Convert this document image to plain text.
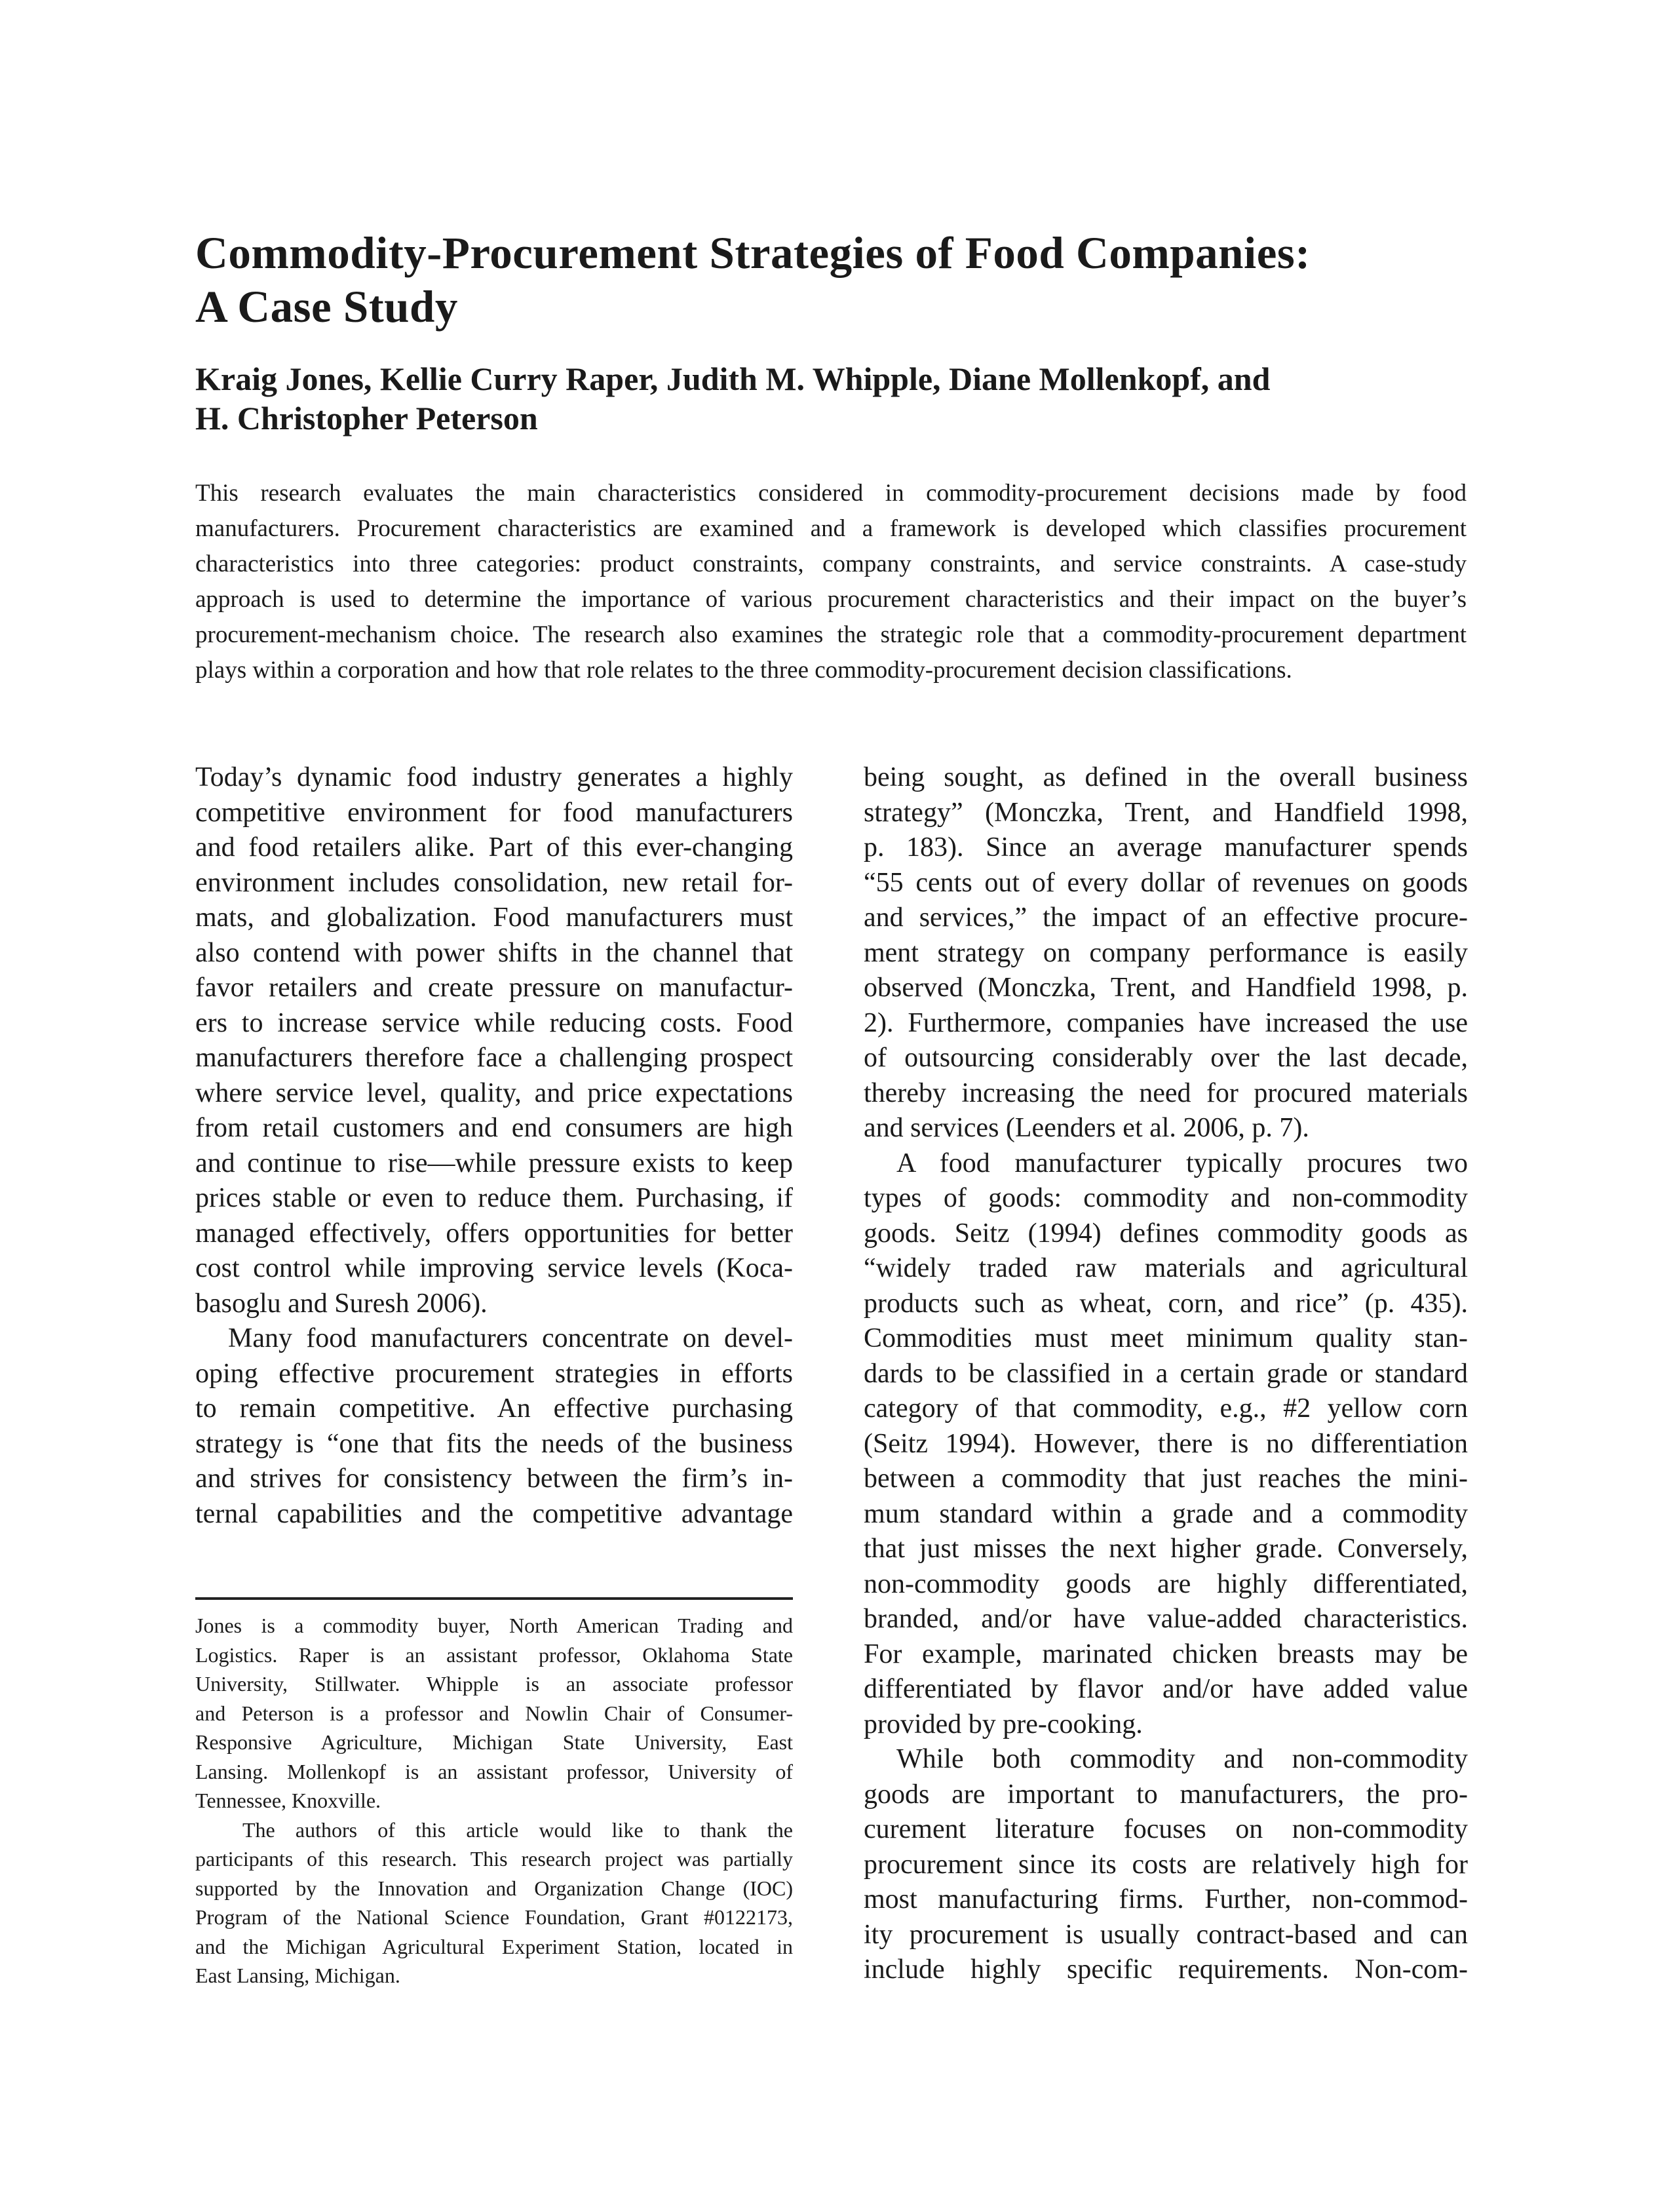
Commodity-Procurement Strategies of Food Companies:
A Case Study
Kraig Jones, Kellie Curry Raper, Judith M. Whipple, Diane Mollenkopf, and
H. Christopher Peterson
This research evaluates the main characteristics considered in commodity-procurement decisions made by food
manufacturers. Procurement characteristics are examined and a framework is developed which classifies procurement
characteristics into three categories: product constraints, company constraints, and service constraints. A case-study
approach is used to determine the importance of various procurement characteristics and their impact on the buyer’s
procurement-mechanism choice. The research also examines the strategic role that a commodity-procurement department
plays within a corporation and how that role relates to the three commodity-procurement decision classifications.
Today’s dynamic food industry generates a highly
competitive environment for food manufacturers
and food retailers alike. Part of this ever-changing
environment includes consolidation, new retail for-
mats, and globalization. Food manufacturers must
also contend with power shifts in the channel that
favor retailers and create pressure on manufactur-
ers to increase service while reducing costs. Food
manufacturers therefore face a challenging prospect
where service level, quality, and price expectations
from retail customers and end consumers are high
and continue to rise—while pressure exists to keep
prices stable or even to reduce them. Purchasing, if
managed effectively, offers opportunities for better
cost control while improving service levels (Koca-
basoglu and Suresh 2006).
Many food manufacturers concentrate on devel-
oping effective procurement strategies in efforts
to remain competitive. An effective purchasing
strategy is “one that fits the needs of the business
and strives for consistency between the firm’s in-
ternal capabilities and the competitive advantage
being sought, as defined in the overall business
strategy” (Monczka, Trent, and Handfield 1998,
p. 183). Since an average manufacturer spends
“55 cents out of every dollar of revenues on goods
and services,” the impact of an effective procure-
ment strategy on company performance is easily
observed (Monczka, Trent, and Handfield 1998, p.
2). Furthermore, companies have increased the use
of outsourcing considerably over the last decade,
thereby increasing the need for procured materials
and services (Leenders et al. 2006, p. 7).
A food manufacturer typically procures two
types of goods: commodity and non-commodity
goods. Seitz (1994) defines commodity goods as
“widely traded raw materials and agricultural
products such as wheat, corn, and rice” (p. 435).
Commodities must meet minimum quality stan-
dards to be classified in a certain grade or standard
category of that commodity, e.g., #2 yellow corn
(Seitz 1994). However, there is no differentiation
between a commodity that just reaches the mini-
mum standard within a grade and a commodity
that just misses the next higher grade. Conversely,
non-commodity goods are highly differentiated,
branded, and/or have value-added characteristics.
For example, marinated chicken breasts may be
differentiated by flavor and/or have added value
provided by pre-cooking.
While both commodity and non-commodity
goods are important to manufacturers, the pro-
curement literature focuses on non-commodity
procurement since its costs are relatively high for
most manufacturing firms. Further, non-commod-
ity procurement is usually contract-based and can
include highly specific requirements. Non-com-
Jones is a commodity buyer, North American Trading and
Logistics. Raper is an assistant professor, Oklahoma State
University, Stillwater. Whipple is an associate professor
and Peterson is a professor and Nowlin Chair of Consumer-
Responsive Agriculture, Michigan State University, East
Lansing. Mollenkopf is an assistant professor, University of
Tennessee, Knoxville.
The authors of this article would like to thank the
participants of this research. This research project was partially
supported by the Innovation and Organization Change (IOC)
Program of the National Science Foundation, Grant #0122173,
and the Michigan Agricultural Experiment Station, located in
East Lansing, Michigan.
